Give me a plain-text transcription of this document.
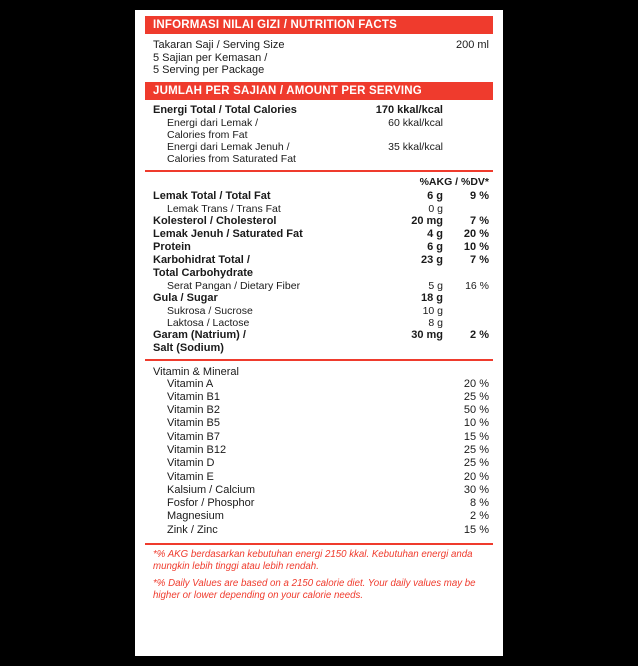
INFORMASI NILAI GIZI / NUTRITION FACTS
Takaran Saji / Serving Size	200 ml
5 Sajian per Kemasan /
5 Serving per Package
JUMLAH PER SAJIAN / AMOUNT PER SERVING
Energi Total / Total Calories	170 kkal/kcal
Energi dari Lemak /	60 kkal/kcal
Calories from Fat
Energi dari Lemak Jenuh /	35 kkal/kcal
Calories from Saturated Fat
%AKG / %DV*
Lemak Total / Total Fat	6 g	9 %
Lemak Trans / Trans Fat	0 g
Kolesterol / Cholesterol	20 mg	7 %
Lemak Jenuh / Saturated Fat	4 g	20 %
Protein	6 g	10 %
Karbohidrat Total /	23 g	7 %
Total Carbohydrate
Serat Pangan / Dietary Fiber	5 g	16 %
Gula / Sugar	18 g
Sukrosa / Sucrose	10 g
Laktosa / Lactose	8 g
Garam (Natrium) /	30 mg	2 %
Salt (Sodium)
Vitamin & Mineral
Vitamin A	20 %
Vitamin B1	25 %
Vitamin B2	50 %
Vitamin B5	10 %
Vitamin B7	15 %
Vitamin B12	25 %
Vitamin D	25 %
Vitamin E	20 %
Kalsium / Calcium	30 %
Fosfor / Phosphor	8 %
Magnesium	2 %
Zink / Zinc	15 %

*% AKG berdasarkan kebutuhan energi 2150 kkal. Kebutuhan energi anda mungkin lebih tinggi atau lebih rendah.

*% Daily Values are based on a 2150 calorie diet. Your daily values may be higher or lower depending on your calorie needs.
